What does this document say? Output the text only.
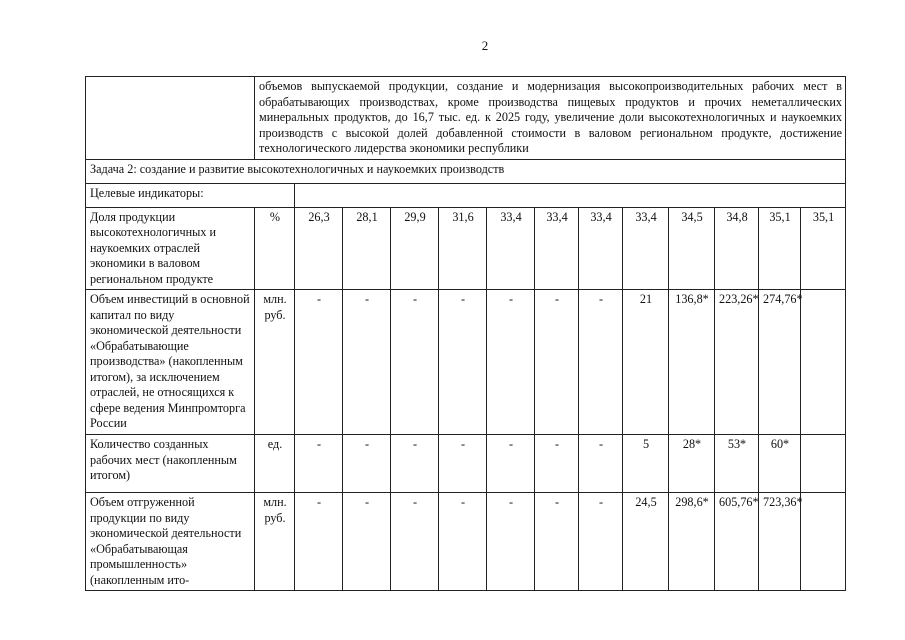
2
	объемов выпускаемой продукции, создание и модернизация высокопроизводительных рабочих мест в обрабатывающих производствах, кроме производства пищевых продуктов и прочих неметаллических минеральных продуктов, до 16,7 тыс. ед. к 2025 году, увеличение доли высокотехнологичных и наукоемких производств с высокой долей добавленной стоимости в валовом региональном продукте, достижение технологического лидерства экономики республики												
Задача 2: создание и развитие высокотехнологичных и наукоемких производств													
Целевые индикаторы:													
Доля продукции высокотехнологичных и наукоемких отраслей экономики в валовом региональном продукте	%	26,3	28,1	29,9	31,6	33,4	33,4	33,4	33,4	34,5	34,8	35,1	35,1
Объем инвестиций в основной капитал по виду экономической деятельности «Обрабатывающие производства» (накопленным итогом), за исключением отраслей, не относящихся к сфере ведения Минпромторга России	млн. руб.	-	-	-	-	-	-	-	21	136,8*	223,26*	274,76*	
Количество созданных рабочих мест (накопленным итогом)	ед.	-	-	-	-	-	-	-	5	28*	53*	60*	
Объем отгруженной продукции по виду экономической деятельности «Обрабатывающая промышленность» (накопленным ито-	млн. руб.	-	-	-	-	-	-	-	24,5	298,6*	605,76*	723,36*	
